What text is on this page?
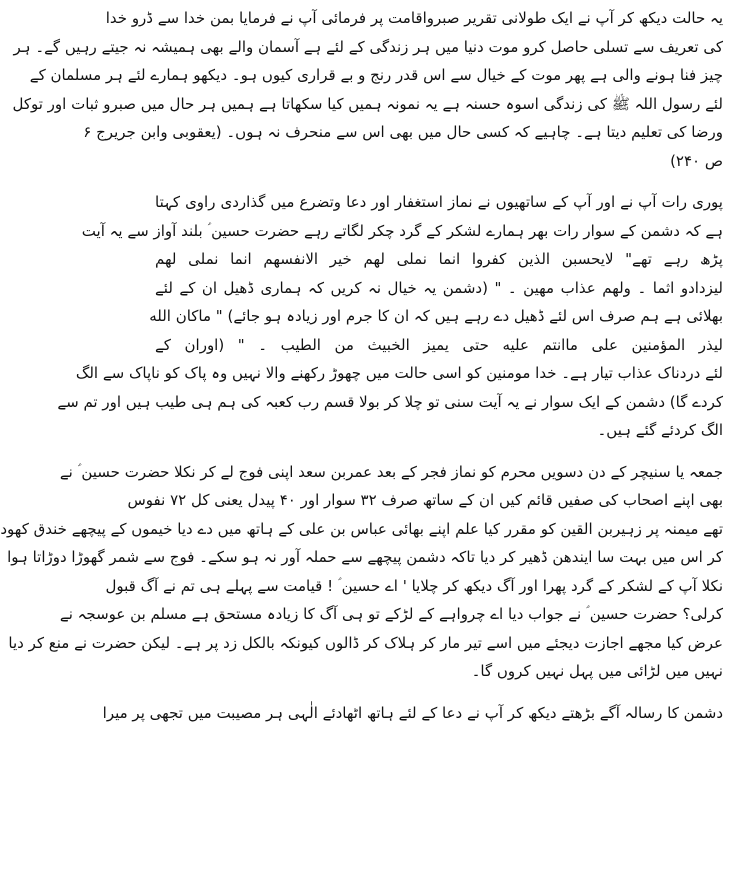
یہ حالت دیکھ کر آپ نے ایک طولانی تقریر صبرواقامت پر فرمائی آپ نے فرمایا بمن خدا سے ڈرو خدا
کی تعریف سے تسلی حاصل کرو موت دنیا میں ہر زندگی کے لئے ہے آسمان والے بھی ہمیشہ نہ جیتے رہیں گے۔ ہر
چیز فنا ہونے والی ہے پھر موت کے خیال سے اس قدر رنج و بے قراری کیوں ہو۔ دیکھو ہمارے لئے ہر مسلمان کے
لئے رسول اللہ ﷺ کی زندگی اسوہ حسنہ ہے یہ نمونہ ہمیں کیا سکھاتا ہے ہمیں ہر حال میں صبرو ثبات اور توکل
ورضا کی تعلیم دیتا ہے۔ چاہیے کہ کسی حال میں بھی اس سے منحرف نہ ہوں۔ (یعقوبی وابن جریرج ۶
ص ۲۴۰)
پوری رات آپ نے اور آپ کے ساتھیوں نے نماز استغفار اور دعا وتضرع میں گذاردی راوی کہتا
ہے کہ دشمن کے سوار رات بھر ہمارے لشکر کے گرد چکر لگاتے رہے حضرت حسین ؑ بلند آواز سے یہ آیت
پڑھ رہے تھے" لایحسبن الذین کفروا انما نملی لهم خیر الانفسهم انما نملی لهم
لیزدادو اثما ۔ ولهم عذاب مهین ۔ " (دشمن یہ خیال نہ کریں کہ ہماری ڈھیل ان کے لئے
بھلائی ہے ہم صرف اس لئے ڈھیل دے رہے ہیں کہ ان کا جرم اور زیادہ ہو جائے) " ماکان الله
لیذر المؤمنین علی ماانتم علیه حتی یمیز الخبیث من الطیب ۔ " (اوران کے
لئے دردناک عذاب تیار ہے۔ خدا مومنین کو اسی حالت میں چھوڑ رکھنے والا نہیں وہ پاک کو ناپاک سے الگ
کردے گا) دشمن کے ایک سوار نے یہ آیت سنی تو چلا کر بولا قسم رب کعبہ کی ہم ہی طیب ہیں اور تم سے
الگ کردئے گئے ہیں۔
جمعہ یا سنیچر کے دن دسویں محرم کو نماز فجر کے بعد عمربن سعد اپنی فوج لے کر نکلا حضرت حسین ؑ نے
بھی اپنے اصحاب کی صفیں قائم کیں ان کے ساتھ صرف ۳۲ سوار اور ۴۰ پیدل یعنی کل ۷۲ نفوس
تھے میمنہ پر زہیربن القین کو مقرر کیا علم اپنے بھائی عباس بن علی کے ہاتھ میں دے دیا خیموں کے پیچھے خندق کھود
کر اس میں بہت سا ایندھن ڈھیر کر دیا تاکہ دشمن پیچھے سے حملہ آور نہ ہو سکے۔ فوج سے شمر گھوڑا دوڑاتا ہوا
نکلا آپ کے لشکر کے گرد پھرا اور آگ دیکھ کر چلایا ' اے حسین ؑ ! قیامت سے پہلے ہی تم نے آگ قبول
کرلی؟ حضرت حسین ؑ نے جواب دیا اے چرواہے کے لڑکے تو ہی آگ کا زیادہ مستحق ہے مسلم بن عوسجہ نے
عرض کیا مجھے اجازت دیجئے میں اسے تیر مار کر ہلاک کر ڈالوں کیونکہ بالکل زد پر ہے۔ لیکن حضرت نے منع کر دیا
نہیں میں لڑائی میں پہل نہیں کروں گا۔
دشمن کا رسالہ آگے بڑھتے دیکھ کر آپ نے دعا کے لئے ہاتھ اٹھادئے الٰہی ہر مصیبت میں تجھی پر میرا
